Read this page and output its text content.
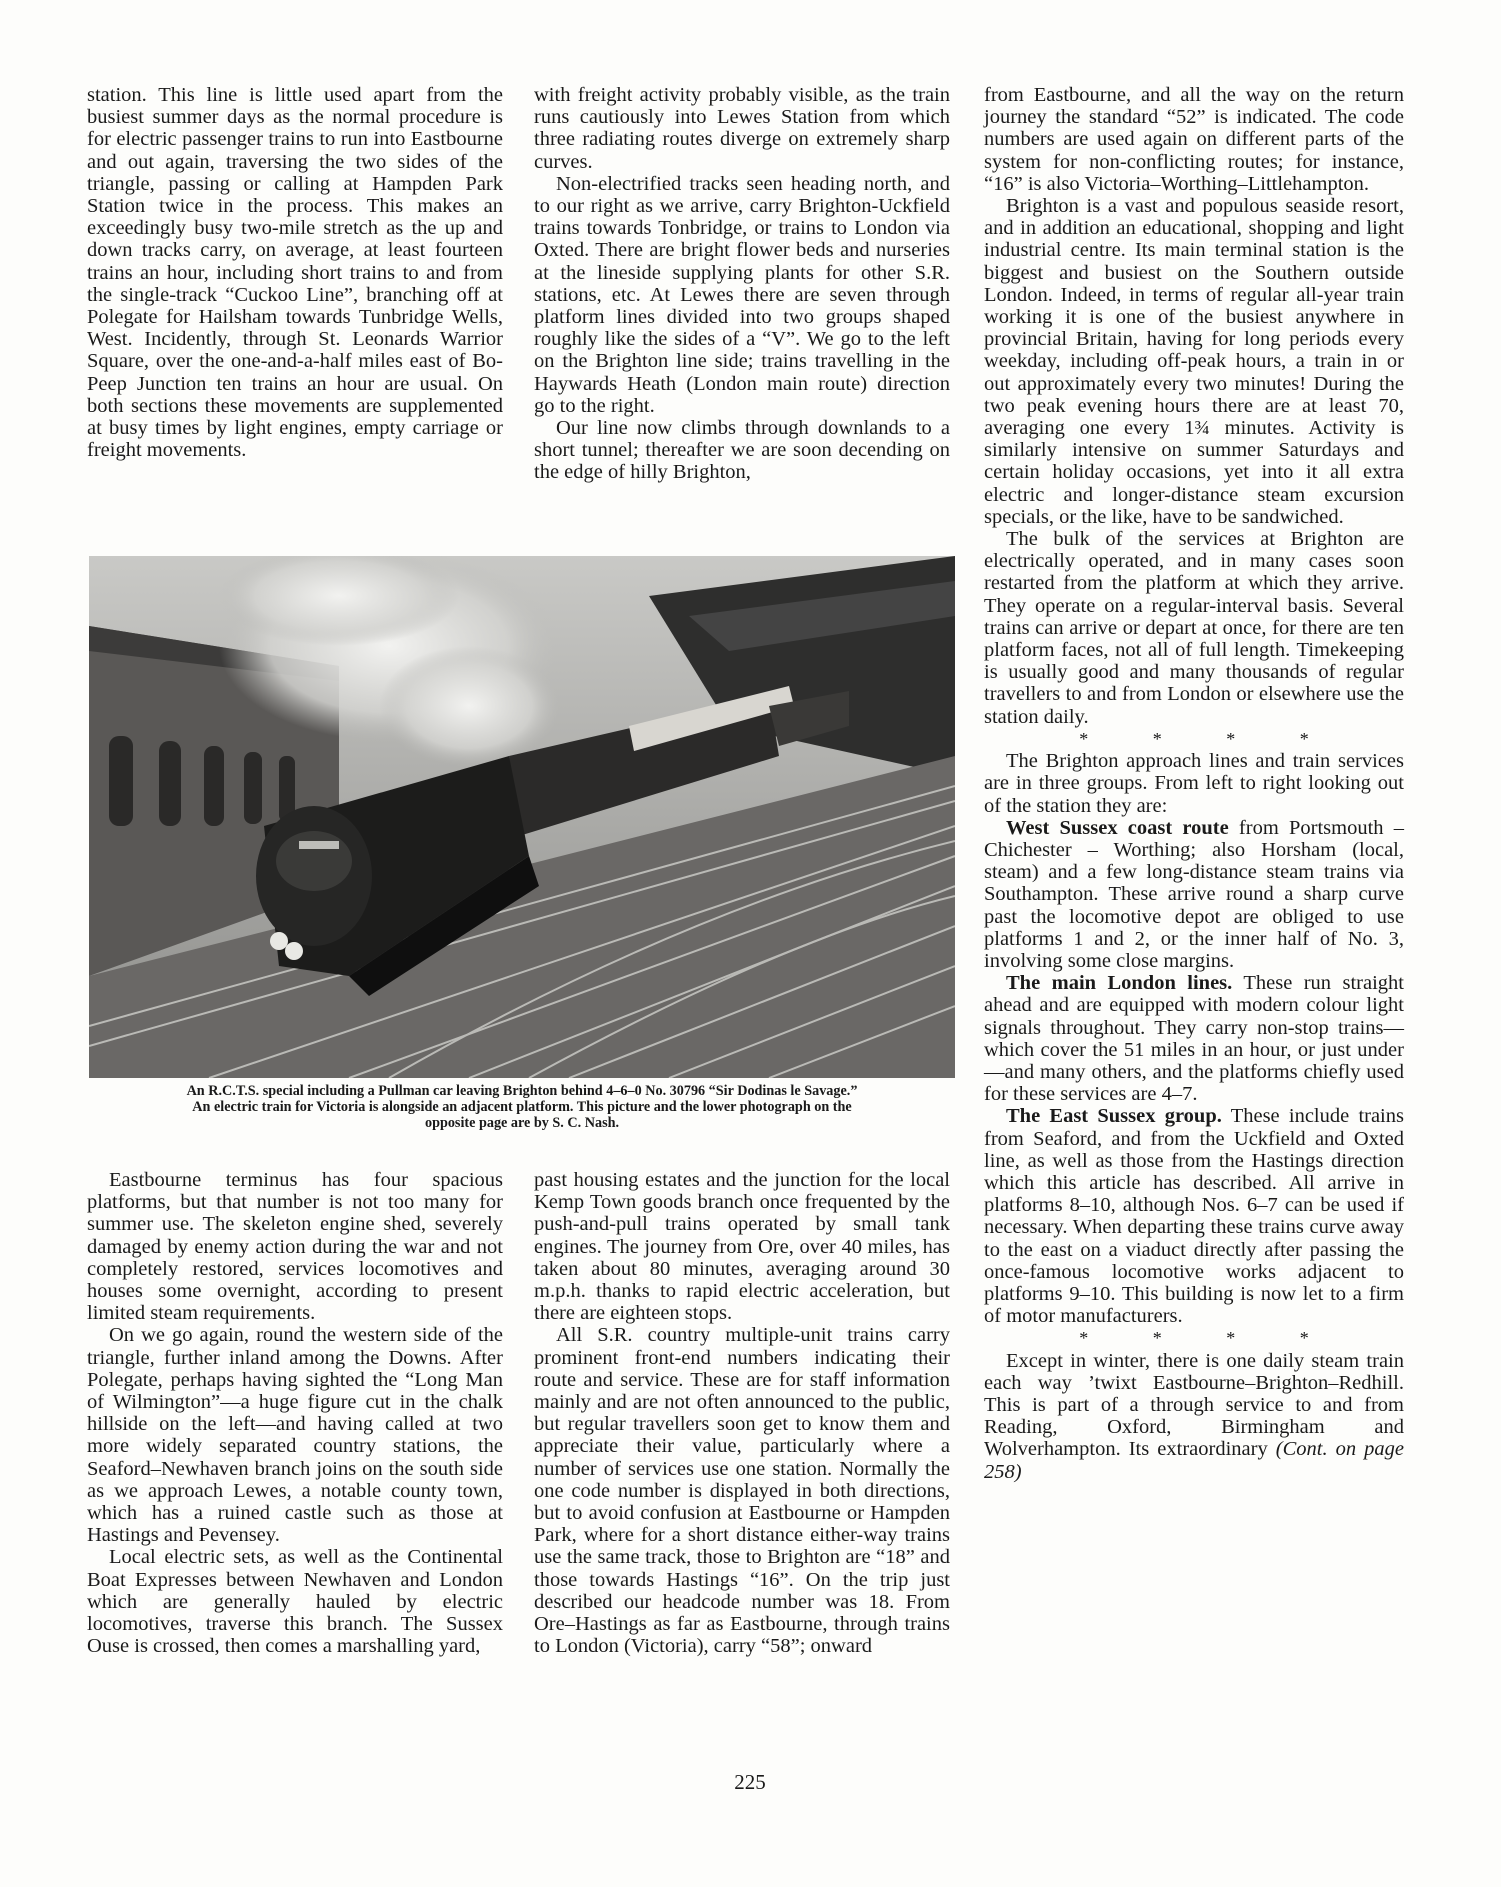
station. This line is little used apart from the busiest summer days as the normal procedure is for electric passenger trains to run into Eastbourne and out again, traversing the two sides of the triangle, passing or calling at Hampden Park Station twice in the process. This makes an exceedingly busy two-mile stretch as the up and down tracks carry, on average, at least fourteen trains an hour, including short trains to and from the single-track “Cuckoo Line”, branching off at Polegate for Hailsham towards Tunbridge Wells, West. Incidently, through St. Leonards Warrior Square, over the one-and-a-half miles east of Bo-Peep Junction ten trains an hour are usual. On both sections these movements are supplemented at busy times by light engines, empty carriage or freight movements.

with freight activity probably visible, as the train runs cautiously into Lewes Station from which three radiating routes diverge on extremely sharp curves.

Non-electrified tracks seen heading north, and to our right as we arrive, carry Brighton-Uckfield trains towards Tonbridge, or trains to London via Oxted. There are bright flower beds and nurseries at the lineside supplying plants for other S.R. stations, etc. At Lewes there are seven through platform lines divided into two groups shaped roughly like the sides of a “V”. We go to the left on the Brighton line side; trains travelling in the Haywards Heath (London main route) direction go to the right.

Our line now climbs through downlands to a short tunnel; thereafter we are soon decending on the edge of hilly Brighton,

An R.C.T.S. special including a Pullman car leaving Brighton behind 4–6–0 No. 30796 “Sir Dodinas le Savage.”
An electric train for Victoria is alongside an adjacent platform. This picture and the lower photograph on the
opposite page are by S. C. Nash.

from Eastbourne, and all the way on the return journey the standard “52” is indicated. The code numbers are used again on different parts of the system for non-conflicting routes; for instance, “16” is also Victoria–Worthing–Littlehampton.

Brighton is a vast and populous seaside resort, and in addition an educational, shopping and light industrial centre. Its main terminal station is the biggest and busiest on the Southern outside London. Indeed, in terms of regular all-year train working it is one of the busiest anywhere in provincial Britain, having for long periods every weekday, including off-peak hours, a train in or out approximately every two minutes! During the two peak evening hours there are at least 70, averaging one every 1¾ minutes. Activity is similarly intensive on summer Saturdays and certain holiday occasions, yet into it all extra electric and longer-distance steam excursion specials, or the like, have to be sandwiched.

The bulk of the services at Brighton are electrically operated, and in many cases soon restarted from the platform at which they arrive. They operate on a regular-interval basis. Several trains can arrive or depart at once, for there are ten platform faces, not all of full length. Timekeeping is usually good and many thousands of regular travellers to and from London or elsewhere use the station daily.

* * * *

The Brighton approach lines and train services are in three groups. From left to right looking out of the station they are:

West Sussex coast route from Portsmouth – Chichester – Worthing; also Horsham (local, steam) and a few long-distance steam trains via Southampton. These arrive round a sharp curve past the locomotive depot are obliged to use platforms 1 and 2, or the inner half of No. 3, involving some close margins.

The main London lines. These run straight ahead and are equipped with modern colour light signals throughout. They carry non-stop trains—which cover the 51 miles in an hour, or just under—and many others, and the platforms chiefly used for these services are 4–7.

The East Sussex group. These include trains from Seaford, and from the Uckfield and Oxted line, as well as those from the Hastings direction which this article has described. All arrive in platforms 8–10, although Nos. 6–7 can be used if necessary. When departing these trains curve away to the east on a viaduct directly after passing the once-famous locomotive works adjacent to platforms 9–10. This building is now let to a firm of motor manufacturers.

* * * *

Except in winter, there is one daily steam train each way ’twixt Eastbourne–Brighton–Redhill. This is part of a through service to and from Reading, Oxford, Birmingham and Wolverhampton. Its extraordinary (Cont. on page 258)

Eastbourne terminus has four spacious platforms, but that number is not too many for summer use. The skeleton engine shed, severely damaged by enemy action during the war and not completely restored, services locomotives and houses some overnight, according to present limited steam requirements.

On we go again, round the western side of the triangle, further inland among the Downs. After Polegate, perhaps having sighted the “Long Man of Wilmington”—a huge figure cut in the chalk hillside on the left—and having called at two more widely separated country stations, the Seaford–Newhaven branch joins on the south side as we approach Lewes, a notable county town, which has a ruined castle such as those at Hastings and Pevensey.

Local electric sets, as well as the Continental Boat Expresses between Newhaven and London which are generally hauled by electric locomotives, traverse this branch. The Sussex Ouse is crossed, then comes a marshalling yard,

past housing estates and the junction for the local Kemp Town goods branch once frequented by the push-and-pull trains operated by small tank engines. The journey from Ore, over 40 miles, has taken about 80 minutes, averaging around 30 m.p.h. thanks to rapid electric acceleration, but there are eighteen stops.

All S.R. country multiple-unit trains carry prominent front-end numbers indicating their route and service. These are for staff information mainly and are not often announced to the public, but regular travellers soon get to know them and appreciate their value, particularly where a number of services use one station. Normally the one code number is displayed in both directions, but to avoid confusion at Eastbourne or Hampden Park, where for a short distance either-way trains use the same track, those to Brighton are “18” and those towards Hastings “16”. On the trip just described our headcode number was 18. From Ore–Hastings as far as Eastbourne, through trains to London (Victoria), carry “58”; onward

225
